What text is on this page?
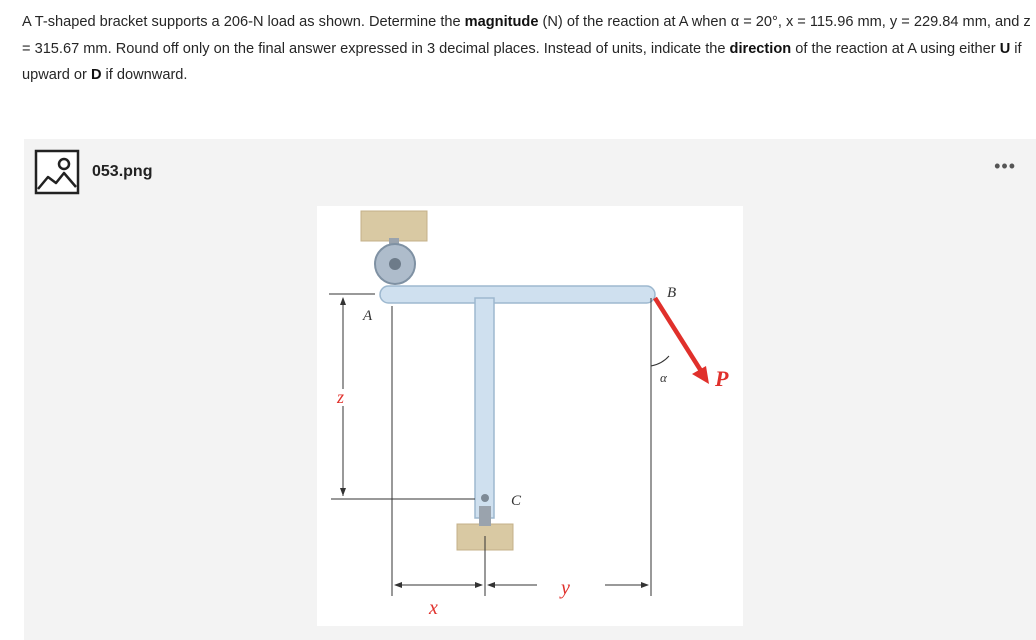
A T-shaped bracket supports a 206-N load as shown. Determine the magnitude (N) of the reaction at A when α = 20°, x = 115.96 mm, y = 229.84 mm, and z = 315.67 mm. Round off only on the final answer expressed in 3 decimal places. Instead of units, indicate the direction of the reaction at A using either U if upward or D if downward.
053.png	•••
A
B
C
P
α
z
x
y
